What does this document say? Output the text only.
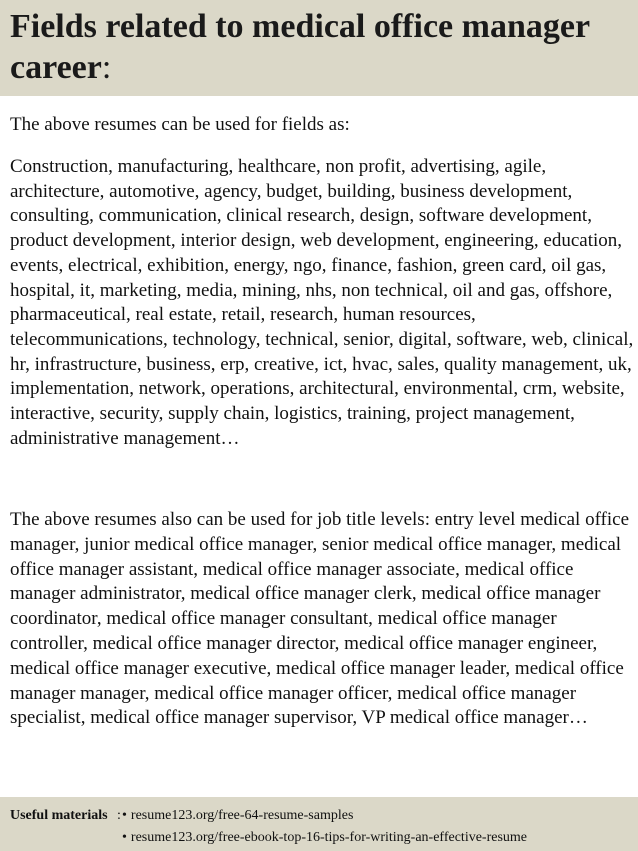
Fields related to medical office manager career:
The above resumes can be used for fields as:
Construction, manufacturing, healthcare, non profit, advertising, agile, architecture, automotive, agency, budget, building, business development, consulting, communication, clinical research, design, software development, product development, interior design, web development, engineering, education, events, electrical, exhibition, energy, ngo, finance, fashion, green card, oil gas, hospital, it, marketing, media, mining, nhs, non technical, oil and gas, offshore, pharmaceutical, real estate, retail, research, human resources, telecommunications, technology, technical, senior, digital, software, web, clinical, hr, infrastructure, business, erp, creative, ict, hvac, sales, quality management, uk, implementation, network, operations, architectural, environmental, crm, website, interactive, security, supply chain, logistics, training, project management, administrative management…
The above resumes also can be used for job title levels: entry level medical office manager, junior medical office manager, senior medical office manager, medical office manager assistant, medical office manager associate, medical office manager administrator, medical office manager clerk, medical office manager coordinator, medical office manager consultant, medical office manager controller, medical office manager director, medical office manager engineer, medical office manager executive, medical office manager leader, medical office manager manager, medical office manager officer, medical office manager specialist, medical office manager supervisor, VP medical office manager…
Useful materials : • resume123.org/free-64-resume-samples
• resume123.org/free-ebook-top-16-tips-for-writing-an-effective-resume
